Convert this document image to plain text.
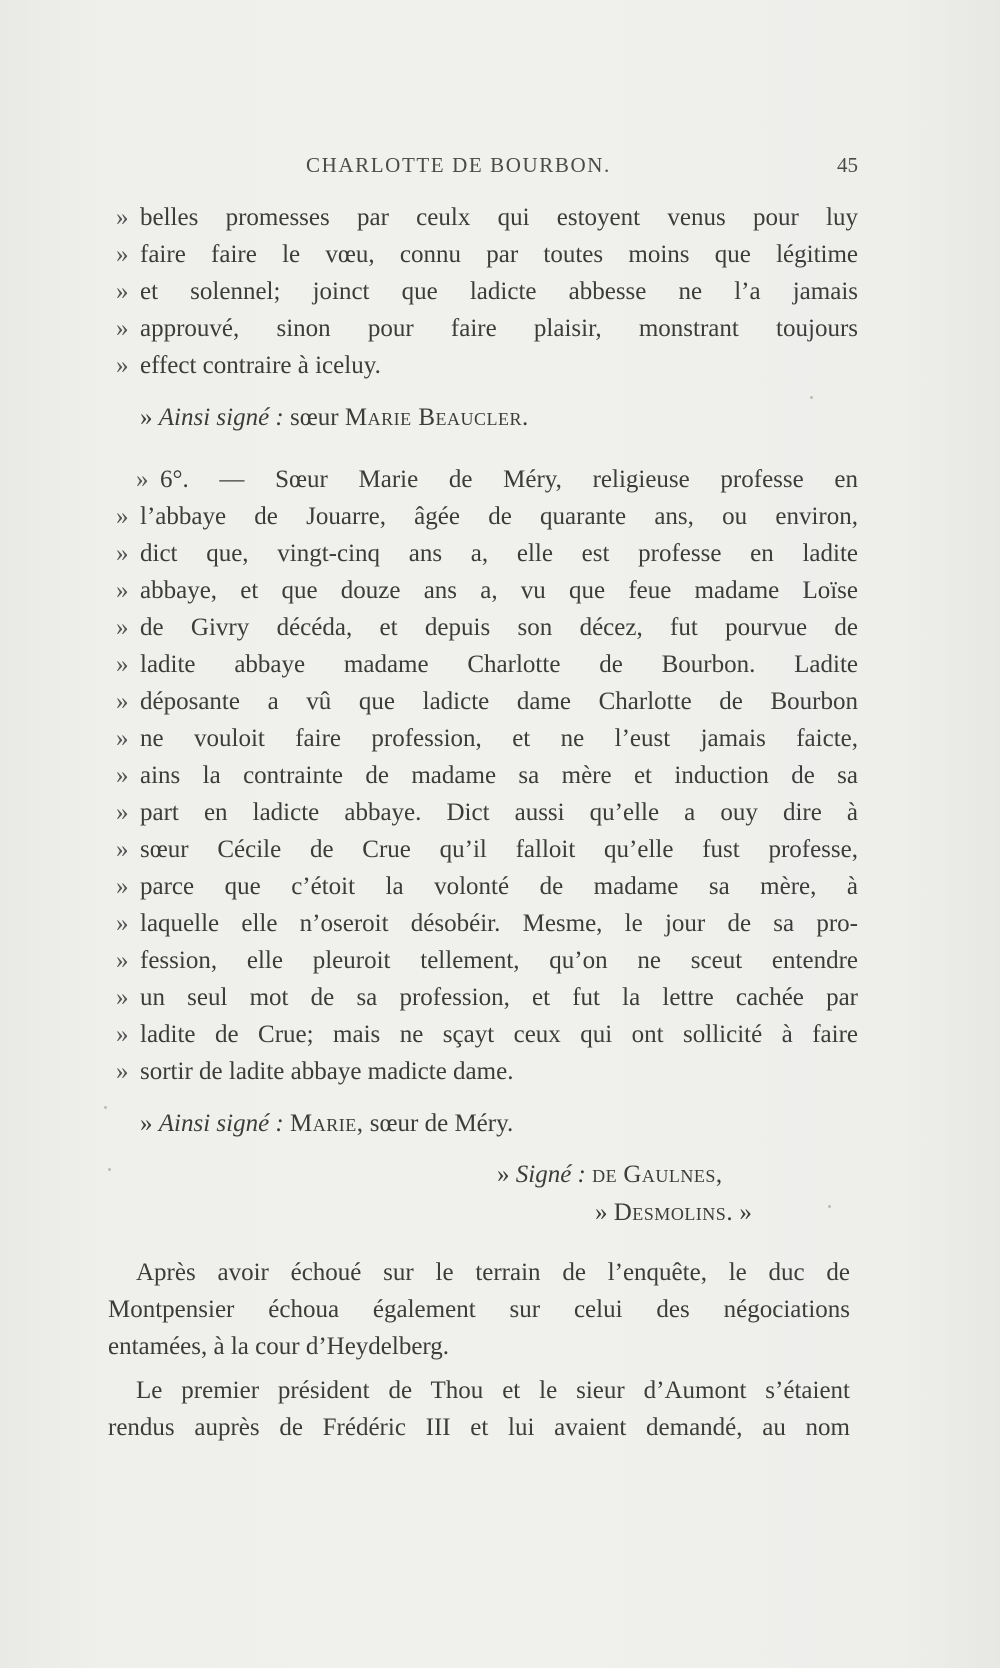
CHARLOTTE DE BOURBON.	45
» belles promesses par ceulx qui estoyent venus pour luy
» faire faire le vœu, connu par toutes moins que légitime
» et solennel; joinct que ladicte abbesse ne l’a jamais
» approuvé, sinon pour faire plaisir, monstrant toujours
» effect contraire à iceluy.
» Ainsi signé : sœur Marie Beaucler.
» 6°. — Sœur Marie de Méry, religieuse professe en
» l’abbaye de Jouarre, âgée de quarante ans, ou environ,
» dict que, vingt-cinq ans a, elle est professe en ladite
» abbaye, et que douze ans a, vu que feue madame Loïse
» de Givry décéda, et depuis son décez, fut pourvue de
» ladite abbaye madame Charlotte de Bourbon. Ladite
» déposante a vû que ladicte dame Charlotte de Bourbon
» ne vouloit faire profession, et ne l’eust jamais faicte,
» ains la contrainte de madame sa mère et induction de sa
» part en ladicte abbaye. Dict aussi qu’elle a ouy dire à
» sœur Cécile de Crue qu’il falloit qu’elle fust professe,
» parce que c’étoit la volonté de madame sa mère, à
» laquelle elle n’oseroit désobéir. Mesme, le jour de sa pro-
» fession, elle pleuroit tellement, qu’on ne sceut entendre
» un seul mot de sa profession, et fut la lettre cachée par
» ladite de Crue; mais ne sçayt ceux qui ont sollicité à faire
» sortir de ladite abbaye madicte dame.
» Ainsi signé : Marie, sœur de Méry.
» Signé : de Gaulnes,
» Desmolins. »
Après avoir échoué sur le terrain de l’enquête, le duc de
Montpensier échoua également sur celui des négociations
entamées, à la cour d’Heydelberg.
Le premier président de Thou et le sieur d’Aumont s’étaient
rendus auprès de Frédéric III et lui avaient demandé, au nom
